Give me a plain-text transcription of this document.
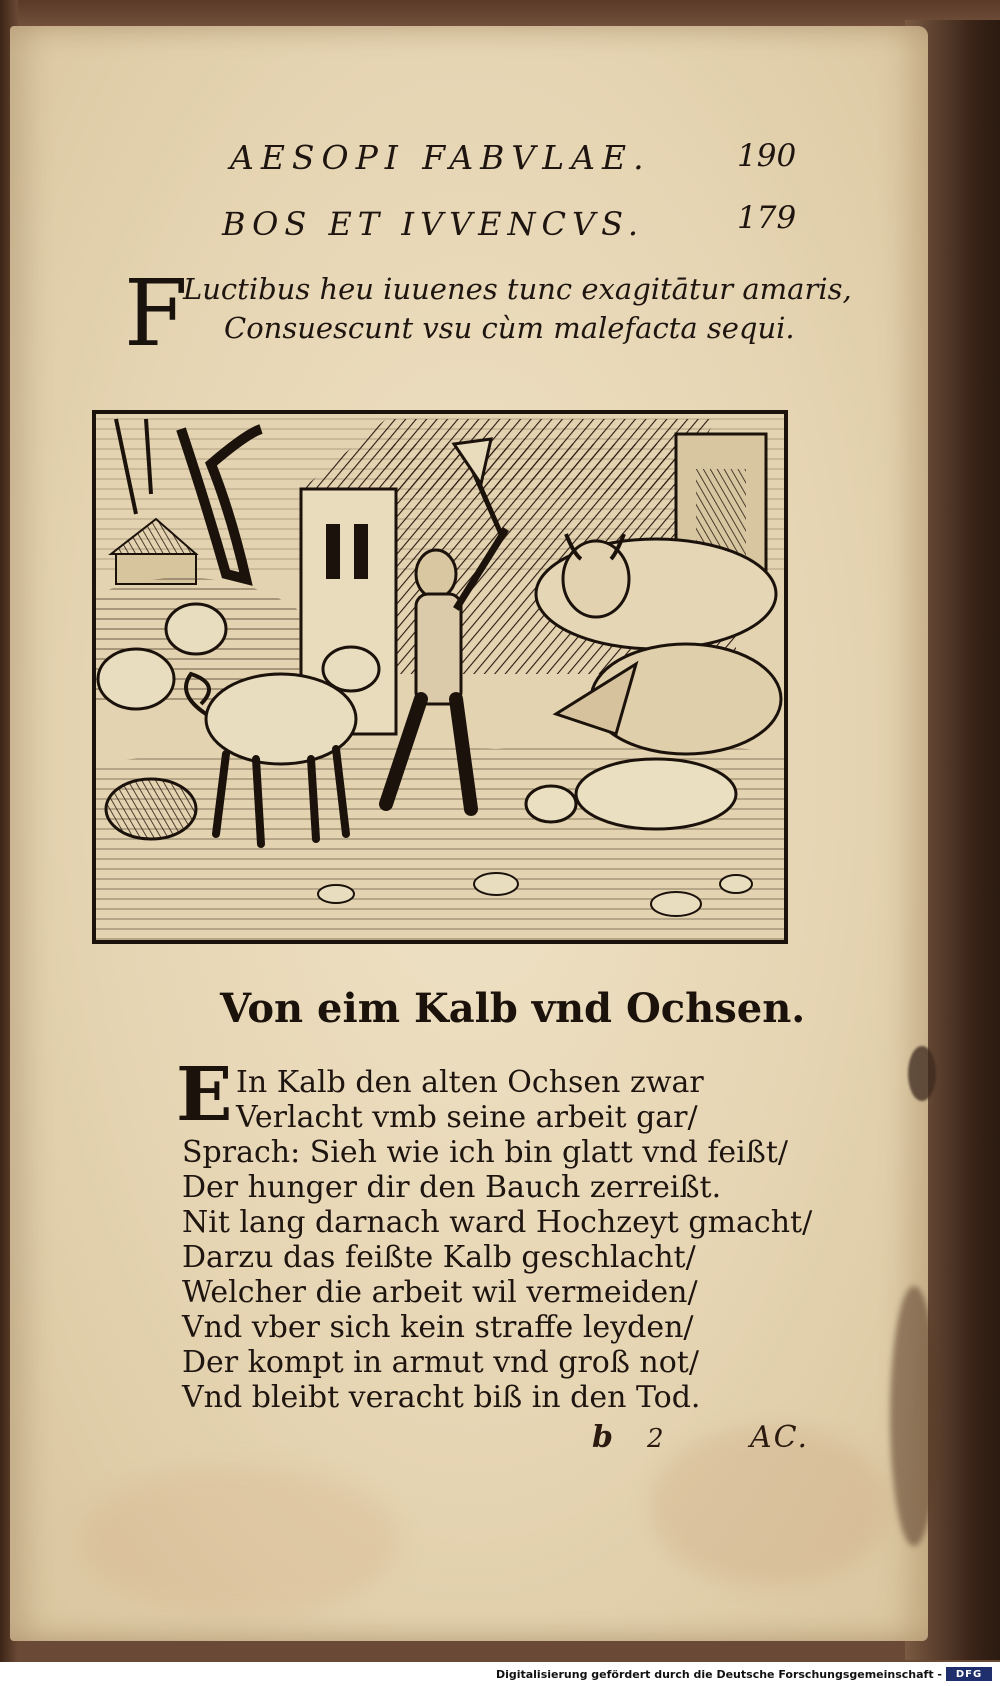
AESOPI FABVLAE.	190
BOS ET IVVENCVS.	179
F
Luctibus heu iuuenes tunc exagitātur amaris,
Consuescunt vsu cùm malefacta sequi.
Von eim Kalb vnd Ochsen.
E In Kalb den alten Ochsen zwar
Verlacht vmb seine arbeit gar/
Sprach: Sieh wie ich bin glatt vnd feißt/
Der hunger dir den Bauch zerreißt.
Nit lang darnach ward Hochzeyt gmacht/
Darzu das feißte Kalb geschlacht/
Welcher die arbeit wil vermeiden/
Vnd vber sich kein straffe leyden/
Der kompt in armut vnd groß not/
Vnd bleibt veracht biß in den Tod.
b 2	AC.
Digitalisierung gefördert durch die Deutsche Forschungsgemeinschaft -	DFG
